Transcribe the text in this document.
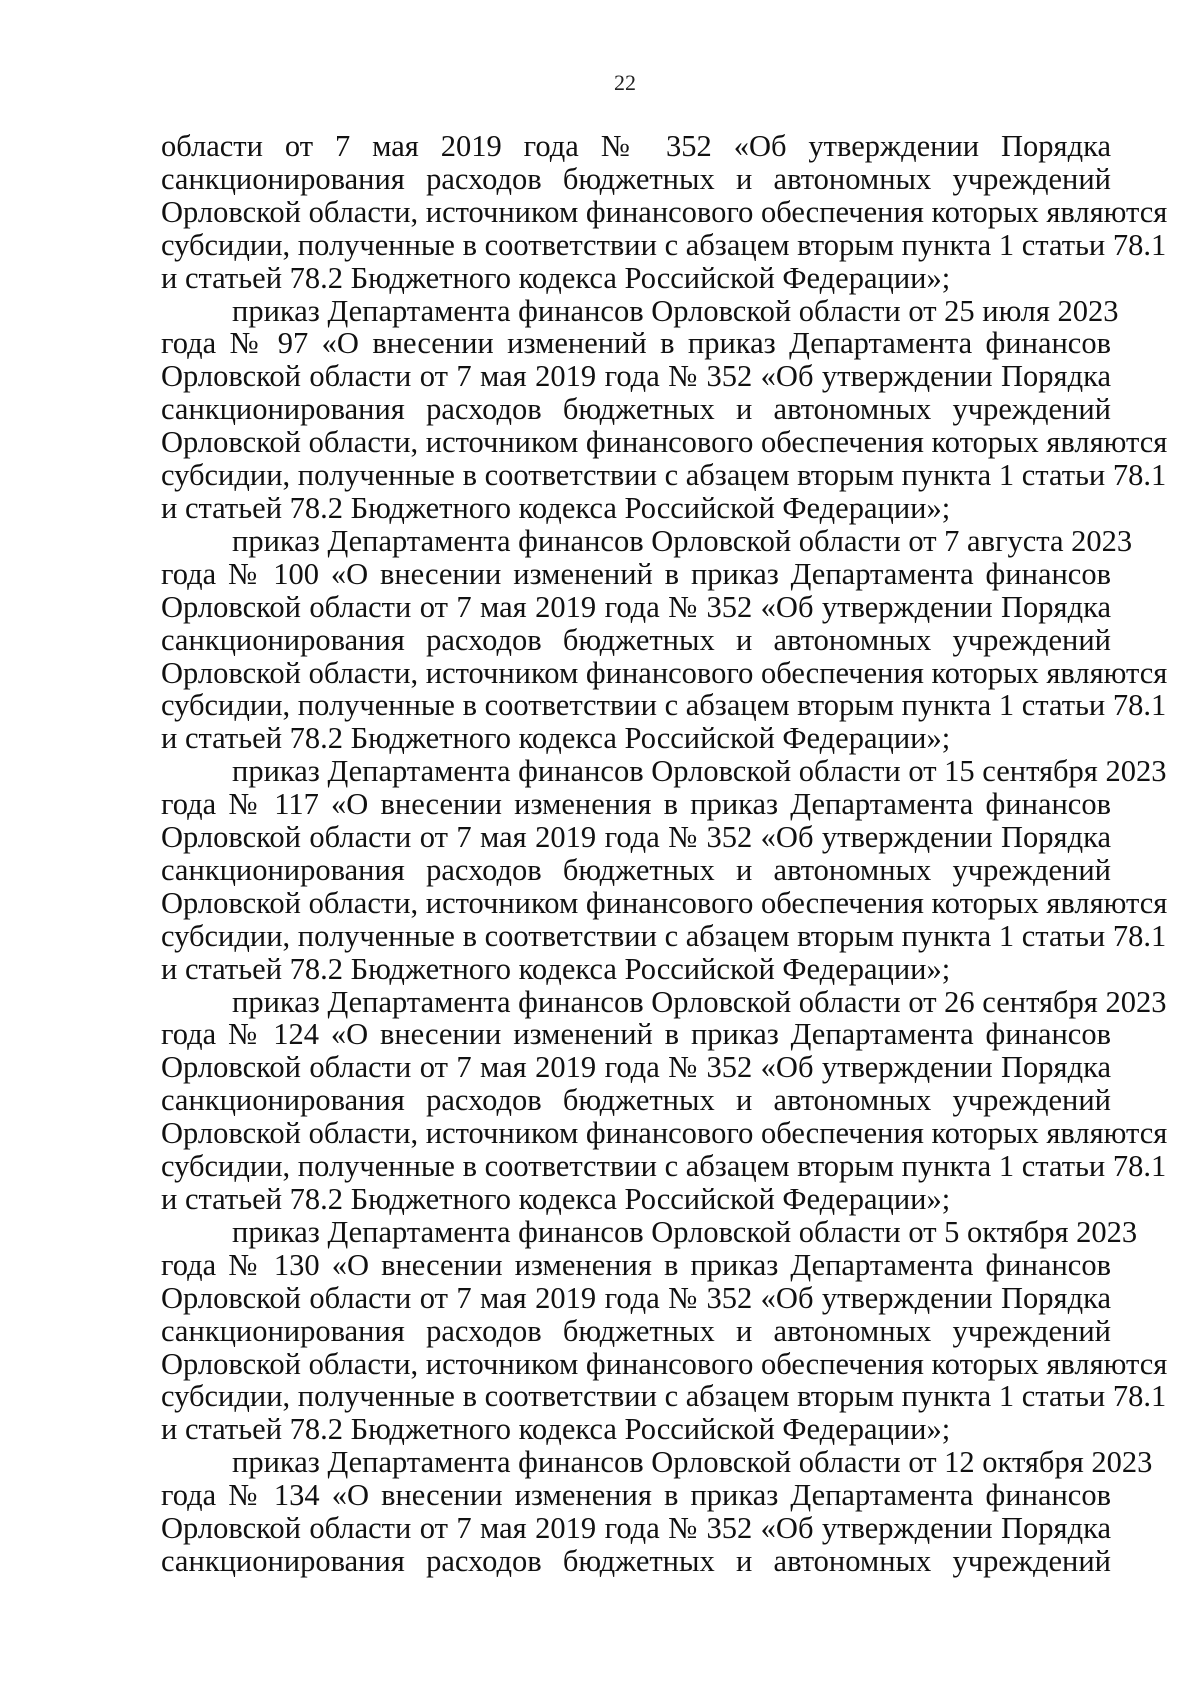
22
области от 7 мая 2019 года № 352 «Об утверждении Порядка
санкционирования расходов бюджетных и автономных учреждений
Орловской области, источником финансового обеспечения которых являются
субсидии, полученные в соответствии с абзацем вторым пункта 1 статьи 78.1
и статьей 78.2 Бюджетного кодекса Российской Федерации»;
приказ Департамента финансов Орловской области от 25 июля 2023
года № 97 «О внесении изменений в приказ Департамента финансов
Орловской области от 7 мая 2019 года № 352 «Об утверждении Порядка
санкционирования расходов бюджетных и автономных учреждений
Орловской области, источником финансового обеспечения которых являются
субсидии, полученные в соответствии с абзацем вторым пункта 1 статьи 78.1
и статьей 78.2 Бюджетного кодекса Российской Федерации»;
приказ Департамента финансов Орловской области от 7 августа 2023
года № 100 «О внесении изменений в приказ Департамента финансов
Орловской области от 7 мая 2019 года № 352 «Об утверждении Порядка
санкционирования расходов бюджетных и автономных учреждений
Орловской области, источником финансового обеспечения которых являются
субсидии, полученные в соответствии с абзацем вторым пункта 1 статьи 78.1
и статьей 78.2 Бюджетного кодекса Российской Федерации»;
приказ Департамента финансов Орловской области от 15 сентября 2023
года № 117 «О внесении изменения в приказ Департамента финансов
Орловской области от 7 мая 2019 года № 352 «Об утверждении Порядка
санкционирования расходов бюджетных и автономных учреждений
Орловской области, источником финансового обеспечения которых являются
субсидии, полученные в соответствии с абзацем вторым пункта 1 статьи 78.1
и статьей 78.2 Бюджетного кодекса Российской Федерации»;
приказ Департамента финансов Орловской области от 26 сентября 2023
года № 124 «О внесении изменений в приказ Департамента финансов
Орловской области от 7 мая 2019 года № 352 «Об утверждении Порядка
санкционирования расходов бюджетных и автономных учреждений
Орловской области, источником финансового обеспечения которых являются
субсидии, полученные в соответствии с абзацем вторым пункта 1 статьи 78.1
и статьей 78.2 Бюджетного кодекса Российской Федерации»;
приказ Департамента финансов Орловской области от 5 октября 2023
года № 130 «О внесении изменения в приказ Департамента финансов
Орловской области от 7 мая 2019 года № 352 «Об утверждении Порядка
санкционирования расходов бюджетных и автономных учреждений
Орловской области, источником финансового обеспечения которых являются
субсидии, полученные в соответствии с абзацем вторым пункта 1 статьи 78.1
и статьей 78.2 Бюджетного кодекса Российской Федерации»;
приказ Департамента финансов Орловской области от 12 октября 2023
года № 134 «О внесении изменения в приказ Департамента финансов
Орловской области от 7 мая 2019 года № 352 «Об утверждении Порядка
санкционирования расходов бюджетных и автономных учреждений
